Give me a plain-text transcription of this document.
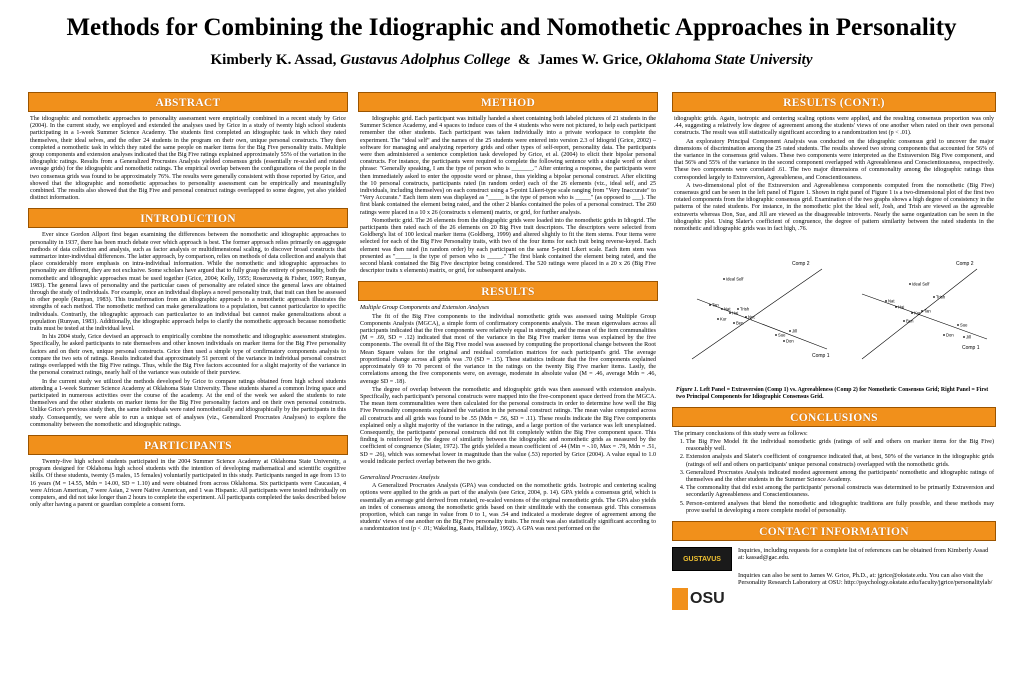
Methods for Combining the Idiographic and Nomothetic Approaches in Personality
Kimberly K. Assad, Gustavus Adolphus College & James W. Grice, Oklahoma State University
ABSTRACT

The idiographic and nomothetic approaches to personality assessment were empirically combined in a recent study by Grice (2004). In the current study, we employed and extended the analyses used by Grice in a study of twenty high school students participating in a 1-week Summer Science Academy. The students first completed an idiographic task in which they rated themselves, their ideal selves, and the other 24 students in the program on their own, unique personal constructs. They then completed a nomothetic task in which they rated the same people on marker items for the Big Five personality traits. Multiple group components and extension analyses indicated that the Big Five ratings explained approximately 55% of the variation in the idiographic ratings. Results from a Generalized Procrustes Analysis yielded consensus grids (essentially re-scaled and rotated average grids) for the idiographic and nomothetic ratings. The empirical overlap between the configurations of the people in the two consensus grids was found to be approximately 76%. The results were generally consistent with those reported by Grice, and showed that the idiographic and nomothetic approaches to personality assessment can be empirically and meaningfully combined. The results also showed that the Big Five and personal construct ratings overlapped to some degree, yet also yielded distinct information.

INTRODUCTION

Ever since Gordon Allport first began examining the differences between the nomothetic and idiographic approaches to personality in 1937, there has been much debate over which approach is best. The former approach relies primarily on aggregate methods of data collection and analysis, such as factor analysis or multidimensional scaling, to discover broad constructs that summarize inter-individual differences. The latter approach, by comparison, relies on methods of data collection and analysis that place considerably more emphasis on intra-individual information. While the nomothetic and idiographic approaches to personality are different, they are not exclusive. Some scholars have argued that to fully grasp the entirety of personality, both the nomothetic and idiographic approaches must be used together (Grice, 2004; Kelly, 1955; Rosenzweig & Fisher, 1997; Runyan, 1983). The general laws of personality and the particular cases of personality are related since the general laws are obtained through the study of individuals. For example, once an individual displays a novel personality trait, that trait can then be assessed in other people (Runyan, 1983). This transformation from an idiographic approach to a nomothetic approach illustrates the strengths of each method. The nomothetic method can make generalizations to a population, but cannot particularize to specific individuals. Contrarily, the idiographic approach can particularize to an individual but cannot make generalizations about a population (Runyan, 1983). Additionally, the idiographic approach helps to clarify the nomothetic approach because nomothetic traits must be tested at the individual level.

In his 2004 study, Grice devised an approach to empirically combine the nomothetic and idiographic assessment strategies. Specifically, he asked participants to rate themselves and other known individuals on marker items for the Big Five personality factors and on their own, unique personal constructs. Grice then used a simple type of confirmatory components analysis to compare the two sets of ratings. Results indicated that approximately 51 percent of the variance in individual personal construct ratings overlapped with the Big Five ratings. Thus, while the Big Five factors accounted for a slight majority of the variance in the personal construct ratings, nearly half of the variance was outside of their purview.

In the current study we utilized the methods developed by Grice to compare ratings obtained from high school students attending a 1-week Summer Science Academy at Oklahoma State University. These students shared a common living space and participated in numerous activities over the course of the academy. At the end of the week we asked the students to rate themselves and the other students on marker items for the Big Five personality factors and on their own personal constructs. Unlike Grice's previous study then, the same individuals were rated nomothetically and idiographically by the participants in this study. Consequently, we were able to run a unique set of analyses (viz., Generalized Procrustes Analyses) to explore the commonality between the nomothetic and idiographic ratings.

PARTICIPANTS

Twenty-five high school students participated in the 2004 Summer Science Academy at Oklahoma State University, a program designed for Oklahoma high school students with the intention of developing mathematical and scientific cognitive skills. Of these students, twenty (5 males, 15 females) voluntarily participated in this study. Participants ranged in age from 13 to 16 years (M = 14.55, Mdn = 14.00, SD = 1.10) and were obtained from across Oklahoma. Six participants were Caucasian, 4 were African American, 7 were Asian, 2 were Native American, and 1 was Hispanic. All participants were tested individually on computers, and did not take longer than 2 hours to complete the experiment. All participants completed the tasks described below only after having a parent or guardian complete a consent form.

METHOD

Idiographic grid. Each participant was initially handed a sheet containing both labeled pictures of 21 students in the Summer Science Academy, and 4 spaces to induce cues of the 4 students who were not pictured, to help each participant remember the other students. Each participant was taken individually into a private workspace to complete the experiment. The "ideal self" and the names of the 25 students were entered into version 2.3 of Idiogrid (Grice, 2002) – software for managing and analyzing repertory grids and other types of self-report, personality data. The participants were then administered a sentence completion task developed by Grice, et al. (2004) to elicit their bipolar personal constructs. For instance, the participants were required to complete the following sentence with a single word or short phrase: "Generally speaking, I am the type of person who is _______." After entering a response, the participants were then immediately asked to enter the opposite word or phrase, thus yielding a bipolar personal construct. After eliciting the 10 personal constructs, participants rated (in random order) each of the 26 elements (viz., ideal self, and 25 individuals, including themselves) on each construct using a 5-point Likert-type scale ranging from "Very Inaccurate" to "Very Accurate." Each item stem was displayed as "_____ is the type of person who is _____" (as opposed to ___). The first blank contained the element being rated, and the other 2 blanks contained the poles of a personal construct. The 260 ratings were placed in a 10 x 26 (constructs x element) matrix, or grid, for further analysis.

Nomothetic grid. The 26 elements from the idiographic grids were loaded into the nomothetic grids in Idiogrid. The participants then rated each of the 26 elements on 20 Big Five trait descriptors. The descriptors were selected from Goldberg's list of 100 lexical marker items (Goldberg, 1999) and altered slightly to fit the item stems. Four items were selected for each of the Big Five Personality traits, with two of the four items for each trait being reverse-keyed. Each element was then rated (in random order) by each participant on the same 5-point Likert scale. Each item stem was presented as "_____ is the type of person who is _____." The first blank contained the element being rated, and the second blank contained the Big Five descriptor being considered. The 520 ratings were placed in a 20 x 26 (Big Five descriptor traits x elements) matrix, or grid, for subsequent analysis.

RESULTS
Multiple Group Components and Extension Analyses

The fit of the Big Five components to the individual nomothetic grids was assessed using Multiple Group Components Analysis (MGCA), a simple form of confirmatory components analysis. The mean eigenvalues across all participants indicated that the five components were relatively equal in strength, and the mean of the item communalities (M = .69, SD = .12) indicated that most of the variance in the Big Five marker items was explained by the five components. The overall fit of the Big Five model was assessed by computing the proportional change between the Root Mean Square values for the original and residual correlation matrices for each participant's grid. The average proportional change across all grids was .70 (SD = .15). These statistics indicate that the five components explained approximately 69 to 70 percent of the variance in the ratings on the twenty Big Five marker items. Lastly, the correlations among the five components were, on average, moderate in absolute value (M = .46, average Mdn = .46, average SD = .18).

The degree of overlap between the nomothetic and idiographic grids was then assessed with extension analysis. Specifically, each participant's personal constructs were mapped into the five-component space derived from the MGCA. The mean item communalities were then calculated for the personal constructs in order to determine how well the Big Five Personality components explained the variation in the personal construct ratings. The mean value computed across all constructs and all grids was found to be .55 (Mdn = .56, SD = .11). These results indicate the Big Five components explained only a slight majority of the variance in the ratings, and a large portion of the variance was left unexplained. Consequently, the participants' personal constructs did not fit completely within the Big Five component space. This finding is reinforced by the degree of similarity between the idiographic and nomothetic grids as measured by the coefficient of congruence (Slater, 1972). The grids yielded a mean coefficient of .44 (Min = -.10, Max = .79, Mdn = .51, SD = .26), which was somewhat lower in magnitude than the value (.53) reported by Grice (2004). A value equal to 1.0 would indicate perfect overlap between the two grids.

Generalized Procrustes Analysis

A Generalized Procrustes Analysis (GPA) was conducted on the nomothetic grids. Isotropic and centering scaling options were applied to the grids as part of the analysis (see Grice, 2004, p. 14). GPA yields a consensus grid, which is essentially an average grid derived from rotated, re-scaled versions of the original nomothetic grids. The GPA also yields an index of consensus among the nomothetic grids based on their similitude with the consensus grid. This consensus proportion, which can range in value from 0 to 1, was .54 and indicated a moderate degree of agreement among the students' views of one another on the Big Five personality traits. The result was also statistically significant according to a randomization test (p < .01; Wakeling, Raats, Halliday, 1992). A GPA was next performed on the

RESULTS (CONT.)

idiographic grids. Again, isotropic and centering scaling options were applied, and the resulting consensus proportion was only .44, suggesting a relatively low degree of agreement among the students' views of one another when rated on their own personal constructs. The result was still statistically significant according to a randomization test (p < .01).

An exploratory Principal Component Analysis was conducted on the idiographic consensus grid to uncover the major dimensions of discrimination among the 25 rated students. The results showed two strong components that accounted for 56% of the variance in the consensus grid values. These two components were interpreted as the Extraversion Big Five component, and that 56% and 55% of the variance in the second component overlapped with Agreeableness and Conscientiousness, respectively. These two components were correlated .61. The two major dimensions of commonality among the idiographic ratings thus corresponded largely to Extraversion, Agreeableness, and Conscientiousness.

A two-dimensional plot of the Extraversion and Agreeableness components computed from the nomothetic (Big Five) consensus grid can be seen in the left panel of Figure 1. Shown in right panel of Figure 1 is a two-dimensional plot of the first two rotated components from the idiographic consensus grid. Examination of the two graphs shows a high degree of consistency in the patterns of the rated students. For instance, in the nomothetic plot the Ideal self, Josh, and Trish are viewed as the agreeable extraverts whereas Don, Sue, and Jill are viewed as the disagreeable introverts. Nearly the same organization can be seen in the idiographic plot. Using Slater's coefficient of congruence, the degree of pattern similarity between the rated students in the nomothetic and idiographic grids was in fact high, .76.

Comp 2
Comp 1
Ideal Self
Tan
Nat
Hai
Trish
Nyc
Kur
Ben
Sue
Jill
Don
Comp 2
Comp 1
Ideal Self
Trish
Nat
Hai
Kur
Ben
Tan
Sue
Don	Jill
Figure 1. Left Panel = Extraversion (Comp 1) vs. Agreeableness (Comp 2) for Nomothetic Consensus Grid; Right Panel = First two Principal Components for Idiographic Consensus Grid.
CONCLUSIONS

The primary conclusions of this study were as follows:

1. The Big Five Model fit the individual nomothetic grids (ratings of self and others on marker items for the Big Five) reasonably well.
2. Extension analysis and Slater's coefficient of congruence indicated that, at best, 50% of the variance in the idiographic grids (ratings of self and others on participants' unique personal constructs) overlapped with the nomothetic grids.
3. Generalized Procrustes Analysis indicated modest agreement among the participants' nomothetic and idiographic ratings of themselves and the other students in the Summer Science Academy.
4. The commonality that did exist among the participants' personal constructs was determined to be primarily Extraversion and secondarily Agreeableness and Conscientiousness.
5. Person-centered analyses that blend the nomothetic and idiographic traditions are fully possible, and these methods may prove useful in developing a more complete model of personality.
CONTACT INFORMATION
GUSTAVUS
OSU

Inquiries, including requests for a complete list of references can be obtained from Kimberly Assad at: kassad@gac.edu.

Inquiries can also be sent to James W. Grice, Ph.D., at: jgrice@okstate.edu. You can also visit the Personality Research Laboratory at OSU: http://psychology.okstate.edu/faculty/jgrice/personalitylab/
